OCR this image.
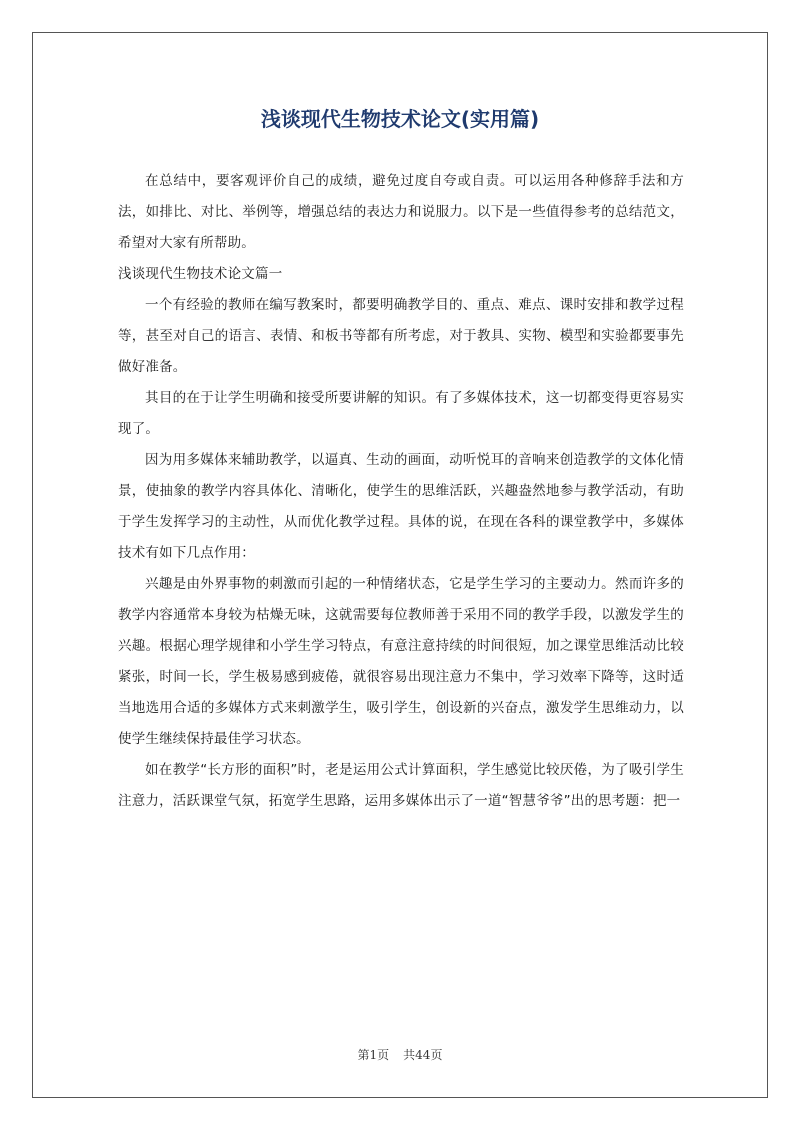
浅谈现代生物技术论文(实用篇)

在总结中，要客观评价自己的成绩，避免过度自夸或自责。可以运用各种修辞手法和方法，如排比、对比、举例等，增强总结的表达力和说服力。以下是一些值得参考的总结范文，希望对大家有所帮助。

浅谈现代生物技术论文篇一

一个有经验的教师在编写教案时，都要明确教学目的、重点、难点、课时安排和教学过程等，甚至对自己的语言、表情、和板书等都有所考虑，对于教具、实物、模型和实验都要事先做好准备。

其目的在于让学生明确和接受所要讲解的知识。有了多媒体技术，这一切都变得更容易实现了。

因为用多媒体来辅助教学，以逼真、生动的画面，动听悦耳的音响来创造教学的文体化情景，使抽象的教学内容具体化、清晰化，使学生的思维活跃，兴趣盎然地参与教学活动，有助于学生发挥学习的主动性，从而优化教学过程。具体的说，在现在各科的课堂教学中，多媒体技术有如下几点作用：

兴趣是由外界事物的刺激而引起的一种情绪状态，它是学生学习的主要动力。然而许多的教学内容通常本身较为枯燥无味，这就需要每位教师善于采用不同的教学手段，以激发学生的兴趣。根据心理学规律和小学生学习特点，有意注意持续的时间很短，加之课堂思维活动比较紧张，时间一长，学生极易感到疲倦，就很容易出现注意力不集中，学习效率下降等，这时适当地选用合适的多媒体方式来刺激学生，吸引学生，创设新的兴奋点，激发学生思维动力，以使学生继续保持最佳学习状态。

如在教学“长方形的面积”时，老是运用公式计算面积，学生感觉比较厌倦，为了吸引学生注意力，活跃课堂气氛，拓宽学生思路，运用多媒体出示了一道“智慧爷爷”出的思考题：把一

第1页 共44页
